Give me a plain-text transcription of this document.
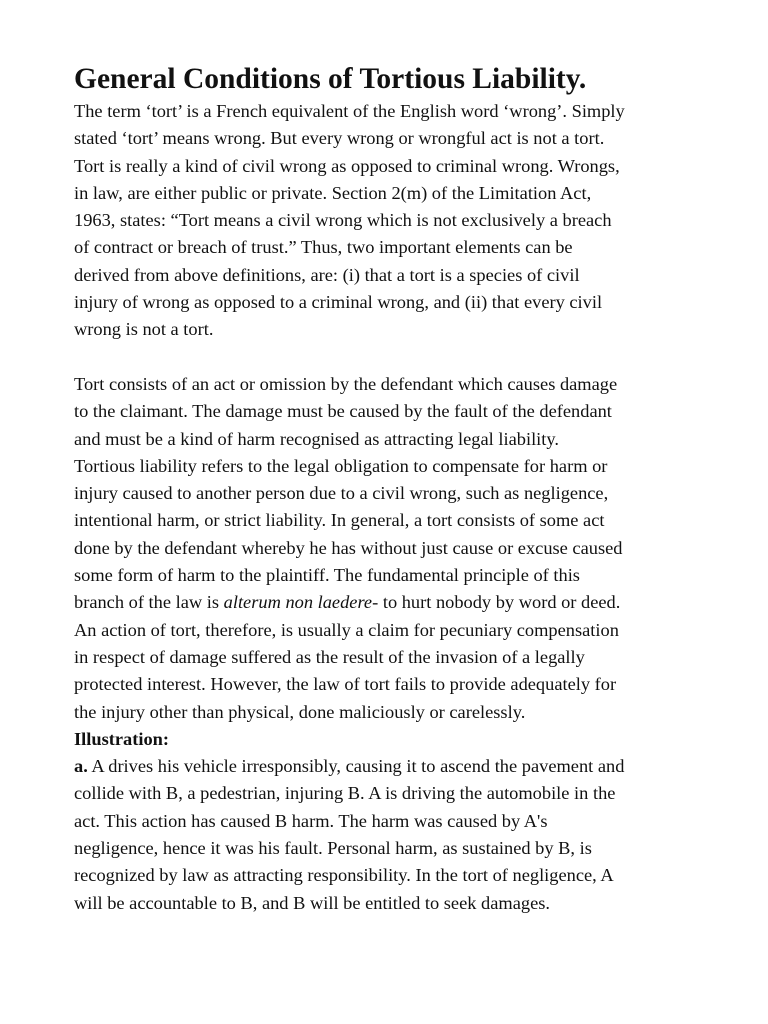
General Conditions of Tortious Liability.

The term ‘tort’ is a French equivalent of the English word ‘wrong’. Simply
stated ‘tort’ means wrong. But every wrong or wrongful act is not a tort.
Tort is really a kind of civil wrong as opposed to criminal wrong. Wrongs,
in law, are either public or private. Section 2(m) of the Limitation Act,
1963, states: “Tort means a civil wrong which is not exclusively a breach
of contract or breach of trust.” Thus, two important elements can be
derived from above definitions, are: (i) that a tort is a species of civil
injury of wrong as opposed to a criminal wrong, and (ii) that every civil
wrong is not a tort.

Tort consists of an act or omission by the defendant which causes damage
to the claimant. The damage must be caused by the fault of the defendant
and must be a kind of harm recognised as attracting legal liability.
Tortious liability refers to the legal obligation to compensate for harm or
injury caused to another person due to a civil wrong, such as negligence,
intentional harm, or strict liability. In general, a tort consists of some act
done by the defendant whereby he has without just cause or excuse caused
some form of harm to the plaintiff. The fundamental principle of this
branch of the law is alterum non laedere- to hurt nobody by word or deed.
An action of tort, therefore, is usually a claim for pecuniary compensation
in respect of damage suffered as the result of the invasion of a legally
protected interest. However, the law of tort fails to provide adequately for
the injury other than physical, done maliciously or carelessly.

Illustration:

a. A drives his vehicle irresponsibly, causing it to ascend the pavement and
collide with B, a pedestrian, injuring B. A is driving the automobile in the
act. This action has caused B harm. The harm was caused by A's
negligence, hence it was his fault. Personal harm, as sustained by B, is
recognized by law as attracting responsibility. In the tort of negligence, A
will be accountable to B, and B will be entitled to seek damages.
